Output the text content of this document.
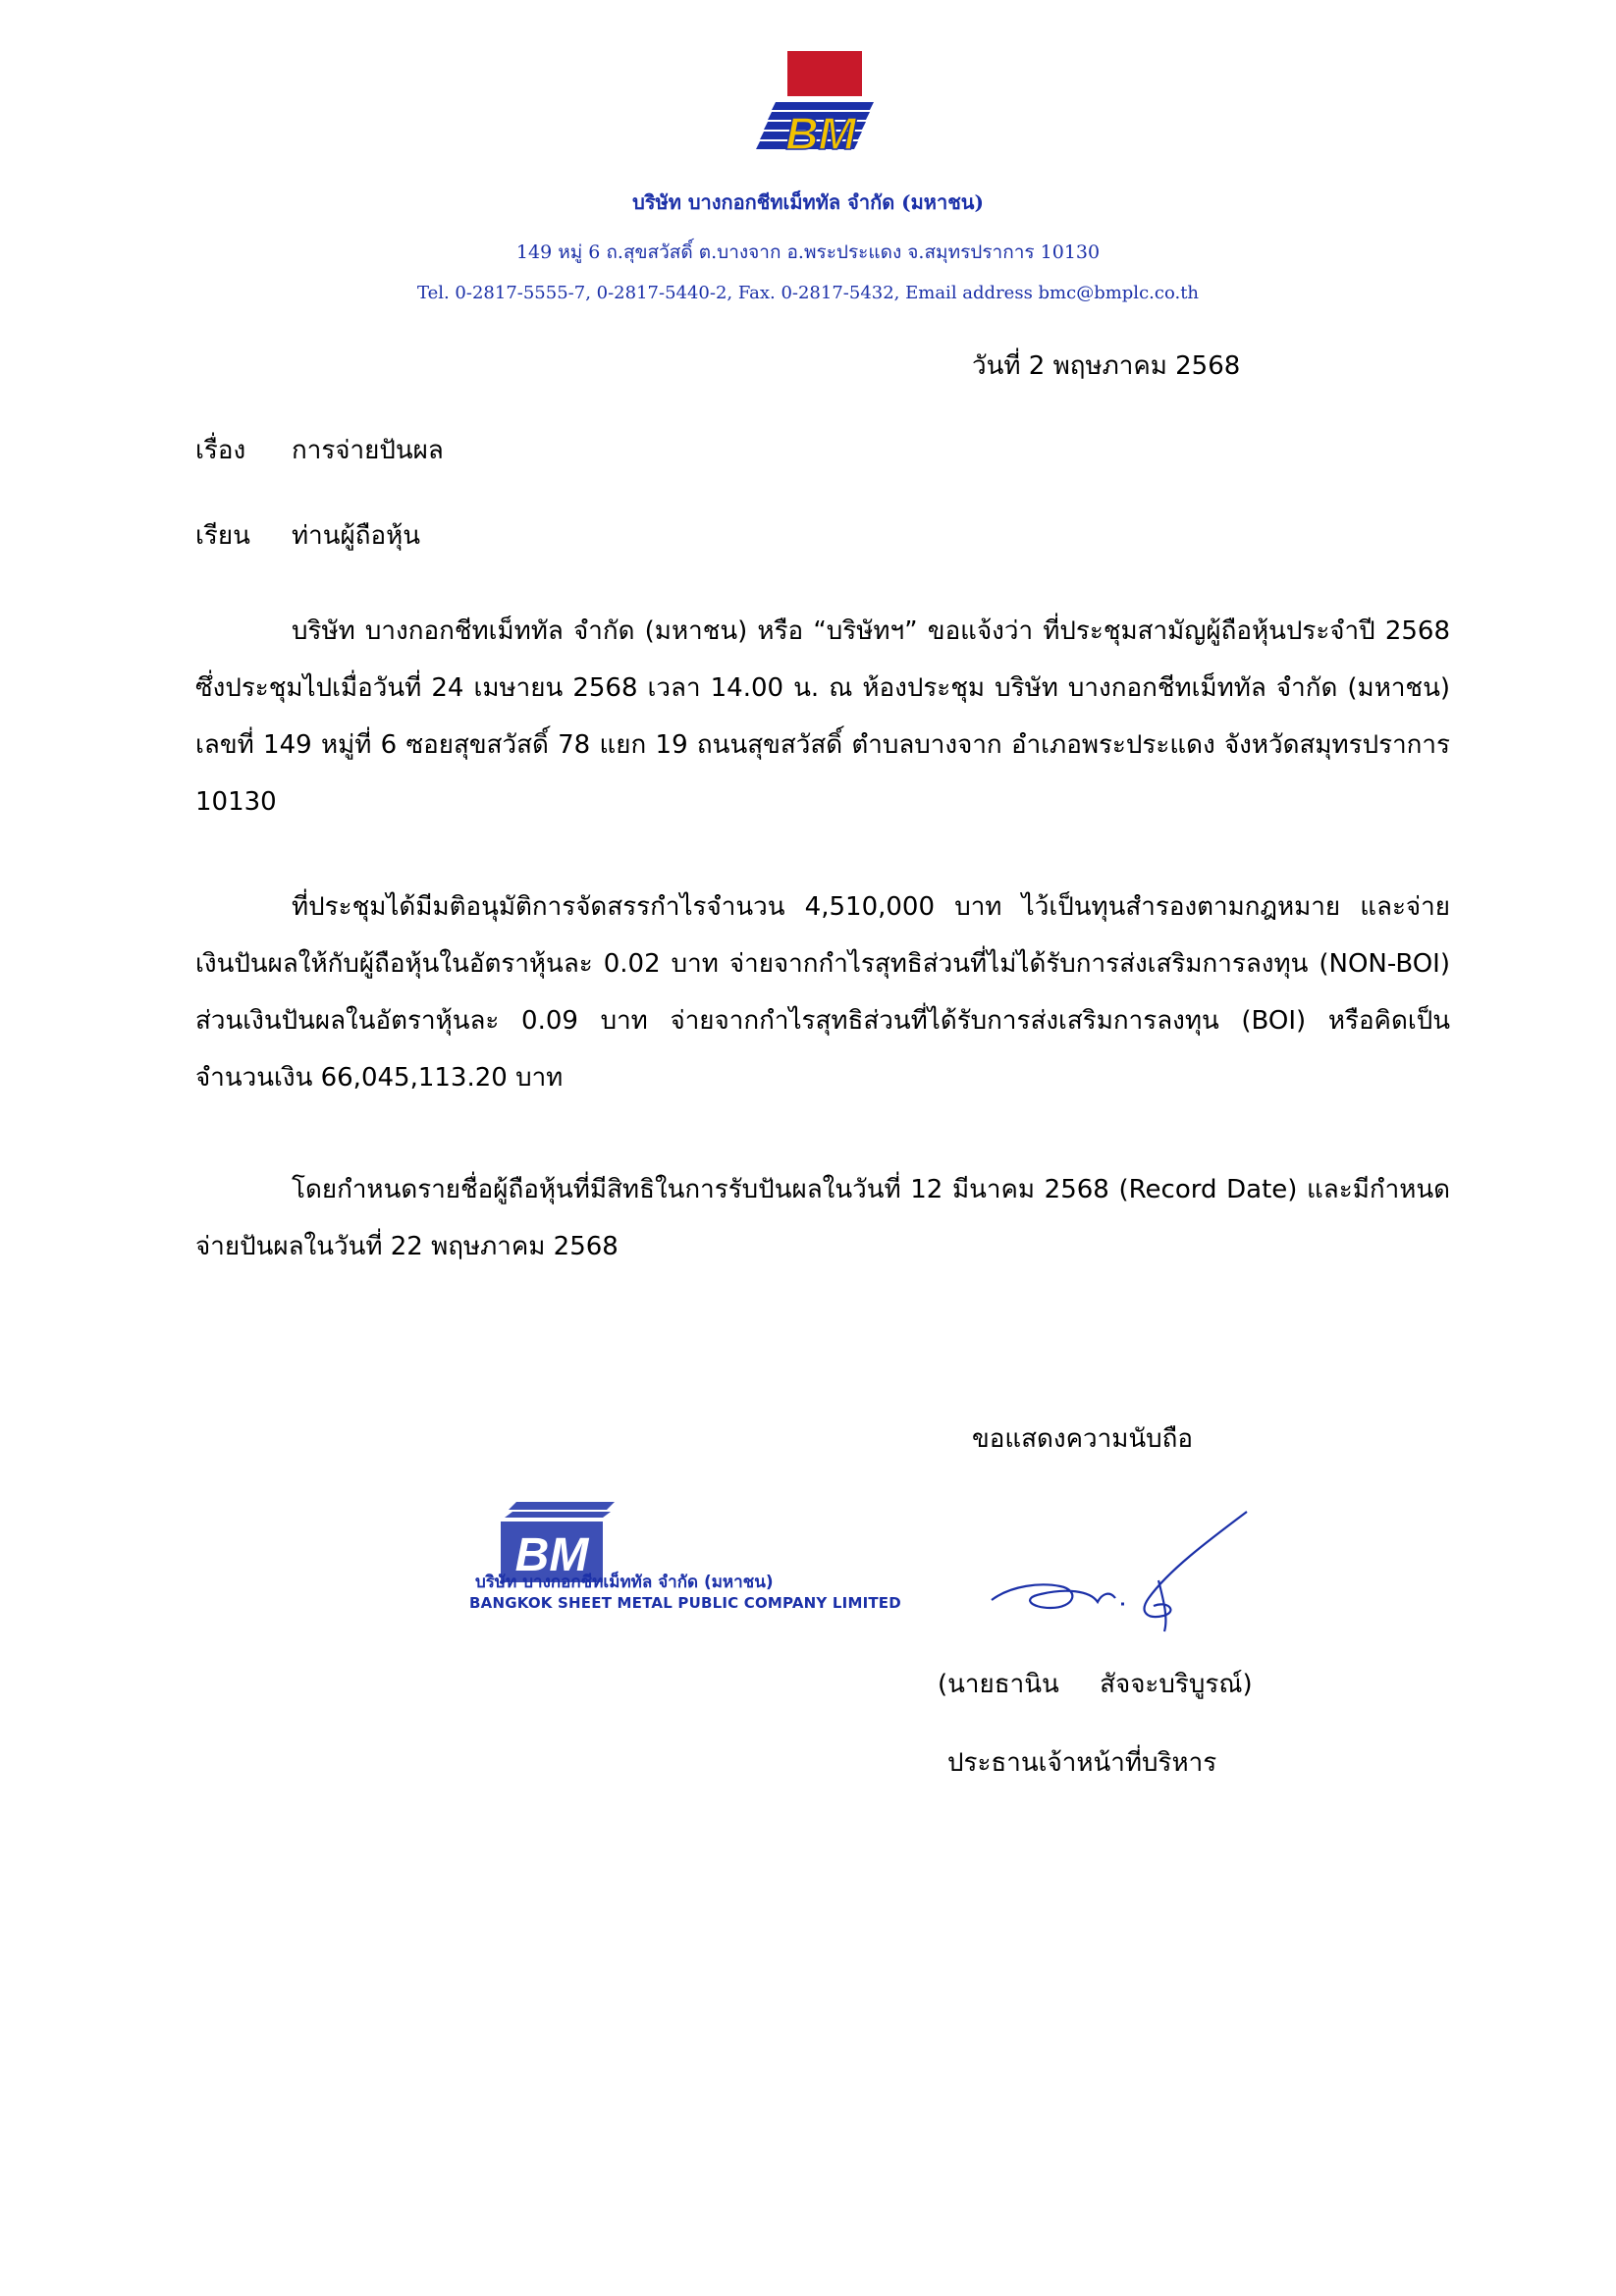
BM
บริษัท บางกอกชีทเม็ททัล จำกัด (มหาชน)
149 หมู่ 6 ถ.สุขสวัสดิ์ ต.บางจาก อ.พระประแดง จ.สมุทรปราการ 10130
Tel. 0-2817-5555-7, 0-2817-5440-2, Fax. 0-2817-5432, Email address bmc@bmplc.co.th
วันที่ 2 พฤษภาคม 2568
เรื่อง การจ่ายปันผล
เรียน ท่านผู้ถือหุ้น

บริษัท บางกอกชีทเม็ททัล จำกัด (มหาชน) หรือ “บริษัทฯ” ขอแจ้งว่า ที่ประชุมสามัญผู้ถือหุ้นประจำปี 2568 ซึ่งประชุมไปเมื่อวันที่ 24 เมษายน 2568 เวลา 14.00 น. ณ ห้องประชุม บริษัท บางกอกชีทเม็ททัล จำกัด (มหาชน) เลขที่ 149 หมู่ที่ 6 ซอยสุขสวัสดิ์ 78 แยก 19 ถนนสุขสวัสดิ์ ตำบลบางจาก อำเภอพระประแดง จังหวัดสมุทรปราการ 10130

ที่ประชุมได้มีมติอนุมัติการจัดสรรกำไรจำนวน 4,510,000 บาท ไว้เป็นทุนสำรองตามกฎหมาย และจ่ายเงินปันผลให้กับผู้ถือหุ้นในอัตราหุ้นละ 0.02 บาท จ่ายจากกำไรสุทธิส่วนที่ไม่ได้รับการส่งเสริมการลงทุน (NON-BOI) ส่วนเงินปันผลในอัตราหุ้นละ 0.09 บาท จ่ายจากกำไรสุทธิส่วนที่ได้รับการส่งเสริมการลงทุน (BOI) หรือคิดเป็นจำนวนเงิน 66,045,113.20 บาท

โดยกำหนดรายชื่อผู้ถือหุ้นที่มีสิทธิในการรับปันผลในวันที่ 12 มีนาคม 2568 (Record Date) และมีกำหนดจ่ายปันผลในวันที่ 22 พฤษภาคม 2568

ขอแสดงความนับถือ
BM
บริษัท บางกอกชีทเม็ททัล จำกัด (มหาชน)
BANGKOK SHEET METAL PUBLIC COMPANY LIMITED
(นายธานิน     สัจจะบริบูรณ์)
ประธานเจ้าหน้าที่บริหาร
